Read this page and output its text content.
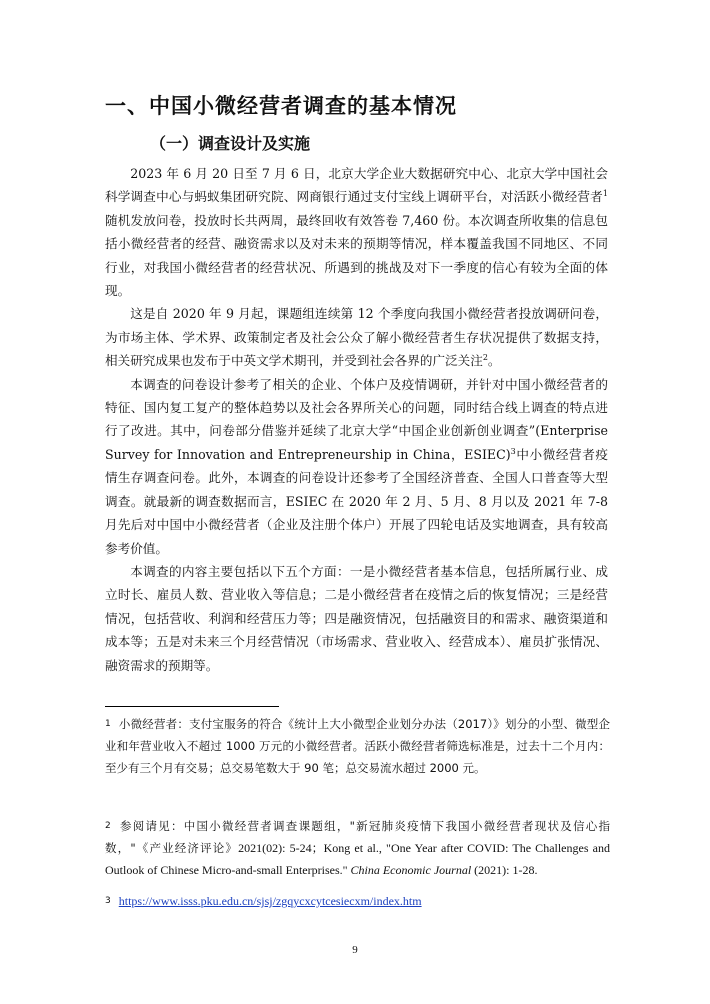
一、中国小微经营者调查的基本情况
（一）调查设计及实施

2023 年 6 月 20 日至 7 月 6 日，北京大学企业大数据研究中心、北京大学中国社会科学调查中心与蚂蚁集团研究院、网商银行通过支付宝线上调研平台，对活跃小微经营者$^1$随机发放问卷，投放时长共两周，最终回收有效答卷 7,460 份。本次调查所收集的信息包括小微经营者的经营、融资需求以及对未来的预期等情况，样本覆盖我国不同地区、不同行业，对我国小微经营者的经营状况、所遇到的挑战及对下一季度的信心有较为全面的体现。

这是自 2020 年 9 月起，课题组连续第 12 个季度向我国小微经营者投放调研问卷，为市场主体、学术界、政策制定者及社会公众了解小微经营者生存状况提供了数据支持，相关研究成果也发布于中英文学术期刊，并受到社会各界的广泛关注$^2$。

本调查的问卷设计参考了相关的企业、个体户及疫情调研，并针对中国小微经营者的特征、国内复工复产的整体趋势以及社会各界所关心的问题，同时结合线上调查的特点进行了改进。其中，问卷部分借鉴并延续了北京大学“中国企业创新创业调查”(Enterprise Survey for Innovation and Entrepreneurship in China，ESIEC)$^3$中小微经营者疫情生存调查问卷。此外，本调查的问卷设计还参考了全国经济普查、全国人口普查等大型调查。就最新的调查数据而言，ESIEC 在 2020 年 2 月、5 月、8 月以及 2021 年 7-8 月先后对中国中小微经营者（企业及注册个体户）开展了四轮电话及实地调查，具有较高参考价值。

本调查的内容主要包括以下五个方面：一是小微经营者基本信息，包括所属行业、成立时长、雇员人数、营业收入等信息；二是小微经营者在疫情之后的恢复情况；三是经营情况，包括营收、利润和经营压力等；四是融资情况，包括融资目的和需求、融资渠道和成本等；五是对未来三个月经营情况（市场需求、营业收入、经营成本）、雇员扩张情况、融资需求的预期等。

$^1$ 小微经营者：支付宝服务的符合《统计上大小微型企业划分办法（2017）》划分的小型、微型企业和年营业收入不超过 1000 万元的小微经营者。活跃小微经营者筛选标准是，过去十二个月内：至少有三个月有交易；总交易笔数大于 90 笔；总交易流水超过 2000 元。
$^2$ 参阅请见：中国小微经营者调查课题组，"新冠肺炎疫情下我国小微经营者现状及信心指数，"《产业经济评论》2021(02): 5-24；Kong et al., "One Year after COVID: The Challenges and Outlook of Chinese Micro-and-small Enterprises." China Economic Journal (2021): 1-28.
$^3$ https://www.isss.pku.edu.cn/sjsj/zgqycxcytcesiecxm/index.htm
9
